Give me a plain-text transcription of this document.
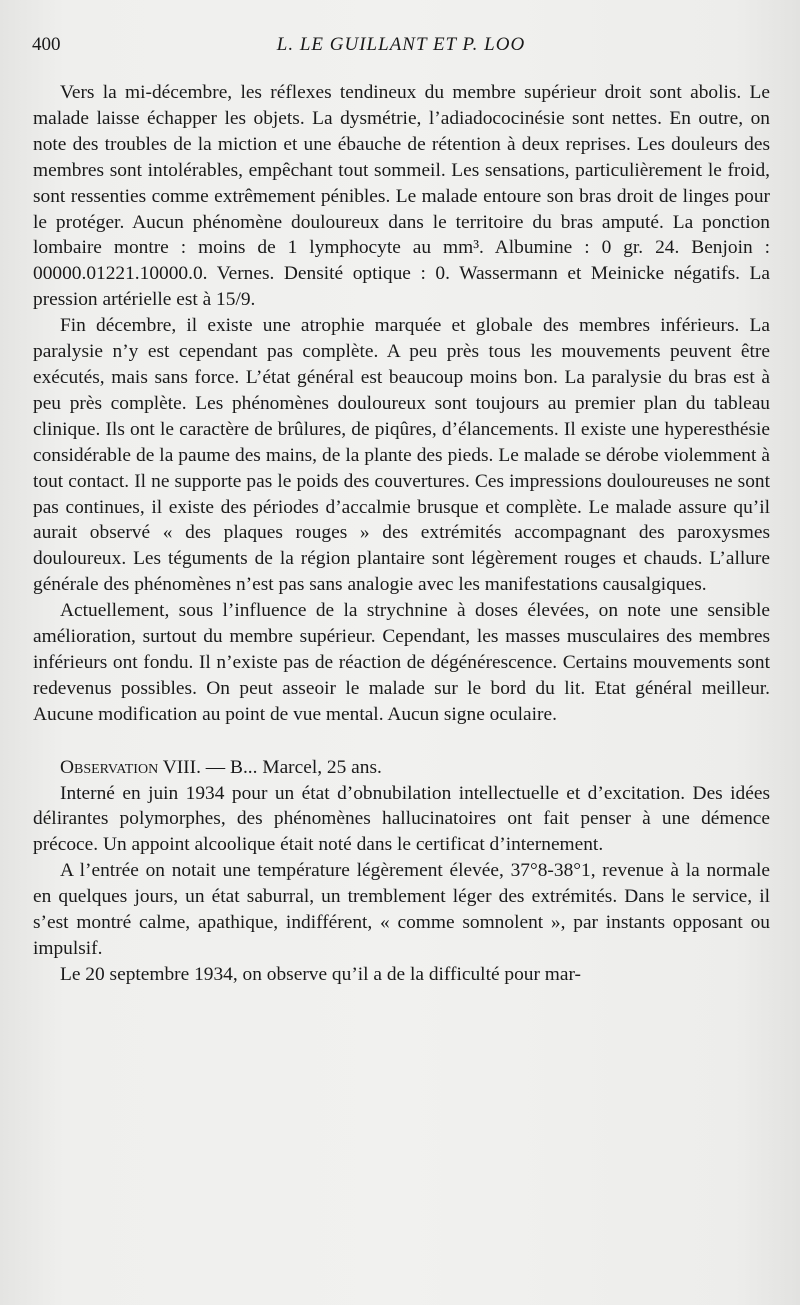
400	L. LE GUILLANT ET P. LOO

Vers la mi-décembre, les réflexes tendineux du membre supérieur droit sont abolis. Le malade laisse échapper les objets. La dysmétrie, l’adiadococinésie sont nettes. En outre, on note des troubles de la miction et une ébauche de rétention à deux reprises. Les douleurs des membres sont intolérables, empêchant tout sommeil. Les sensations, particulièrement le froid, sont ressenties comme extrêmement pénibles. Le malade entoure son bras droit de linges pour le protéger. Aucun phénomène douloureux dans le territoire du bras amputé. La ponction lombaire montre : moins de 1 lymphocyte au mm³. Albumine : 0 gr. 24. Benjoin : 00000.01221.10000.0. Vernes. Densité optique : 0. Wassermann et Meinicke négatifs. La pression artérielle est à 15/9.

Fin décembre, il existe une atrophie marquée et globale des membres inférieurs. La paralysie n’y est cependant pas complète. A peu près tous les mouvements peuvent être exécutés, mais sans force. L’état général est beaucoup moins bon. La paralysie du bras est à peu près complète. Les phénomènes douloureux sont toujours au premier plan du tableau clinique. Ils ont le caractère de brûlures, de piqûres, d’élancements. Il existe une hyperesthésie considérable de la paume des mains, de la plante des pieds. Le malade se dérobe violemment à tout contact. Il ne supporte pas le poids des couvertures. Ces impressions douloureuses ne sont pas continues, il existe des périodes d’accalmie brusque et complète. Le malade assure qu’il aurait observé « des plaques rouges » des extrémités accompagnant des paroxysmes douloureux. Les téguments de la région plantaire sont légèrement rouges et chauds. L’allure générale des phénomènes n’est pas sans analogie avec les manifestations causalgiques.

Actuellement, sous l’influence de la strychnine à doses élevées, on note une sensible amélioration, surtout du membre supérieur. Cependant, les masses musculaires des membres inférieurs ont fondu. Il n’existe pas de réaction de dégénérescence. Certains mouvements sont redevenus possibles. On peut asseoir le malade sur le bord du lit. Etat général meilleur. Aucune modification au point de vue mental. Aucun signe oculaire.

Observation VIII. — B... Marcel, 25 ans.

Interné en juin 1934 pour un état d’obnubilation intellectuelle et d’excitation. Des idées délirantes polymorphes, des phénomènes hallucinatoires ont fait penser à une démence précoce. Un appoint alcoolique était noté dans le certificat d’internement.

A l’entrée on notait une température légèrement élevée, 37°8-38°1, revenue à la normale en quelques jours, un état saburral, un tremblement léger des extrémités. Dans le service, il s’est montré calme, apathique, indifférent, « comme somnolent », par instants opposant ou impulsif.

Le 20 septembre 1934, on observe qu’il a de la difficulté pour mar-
